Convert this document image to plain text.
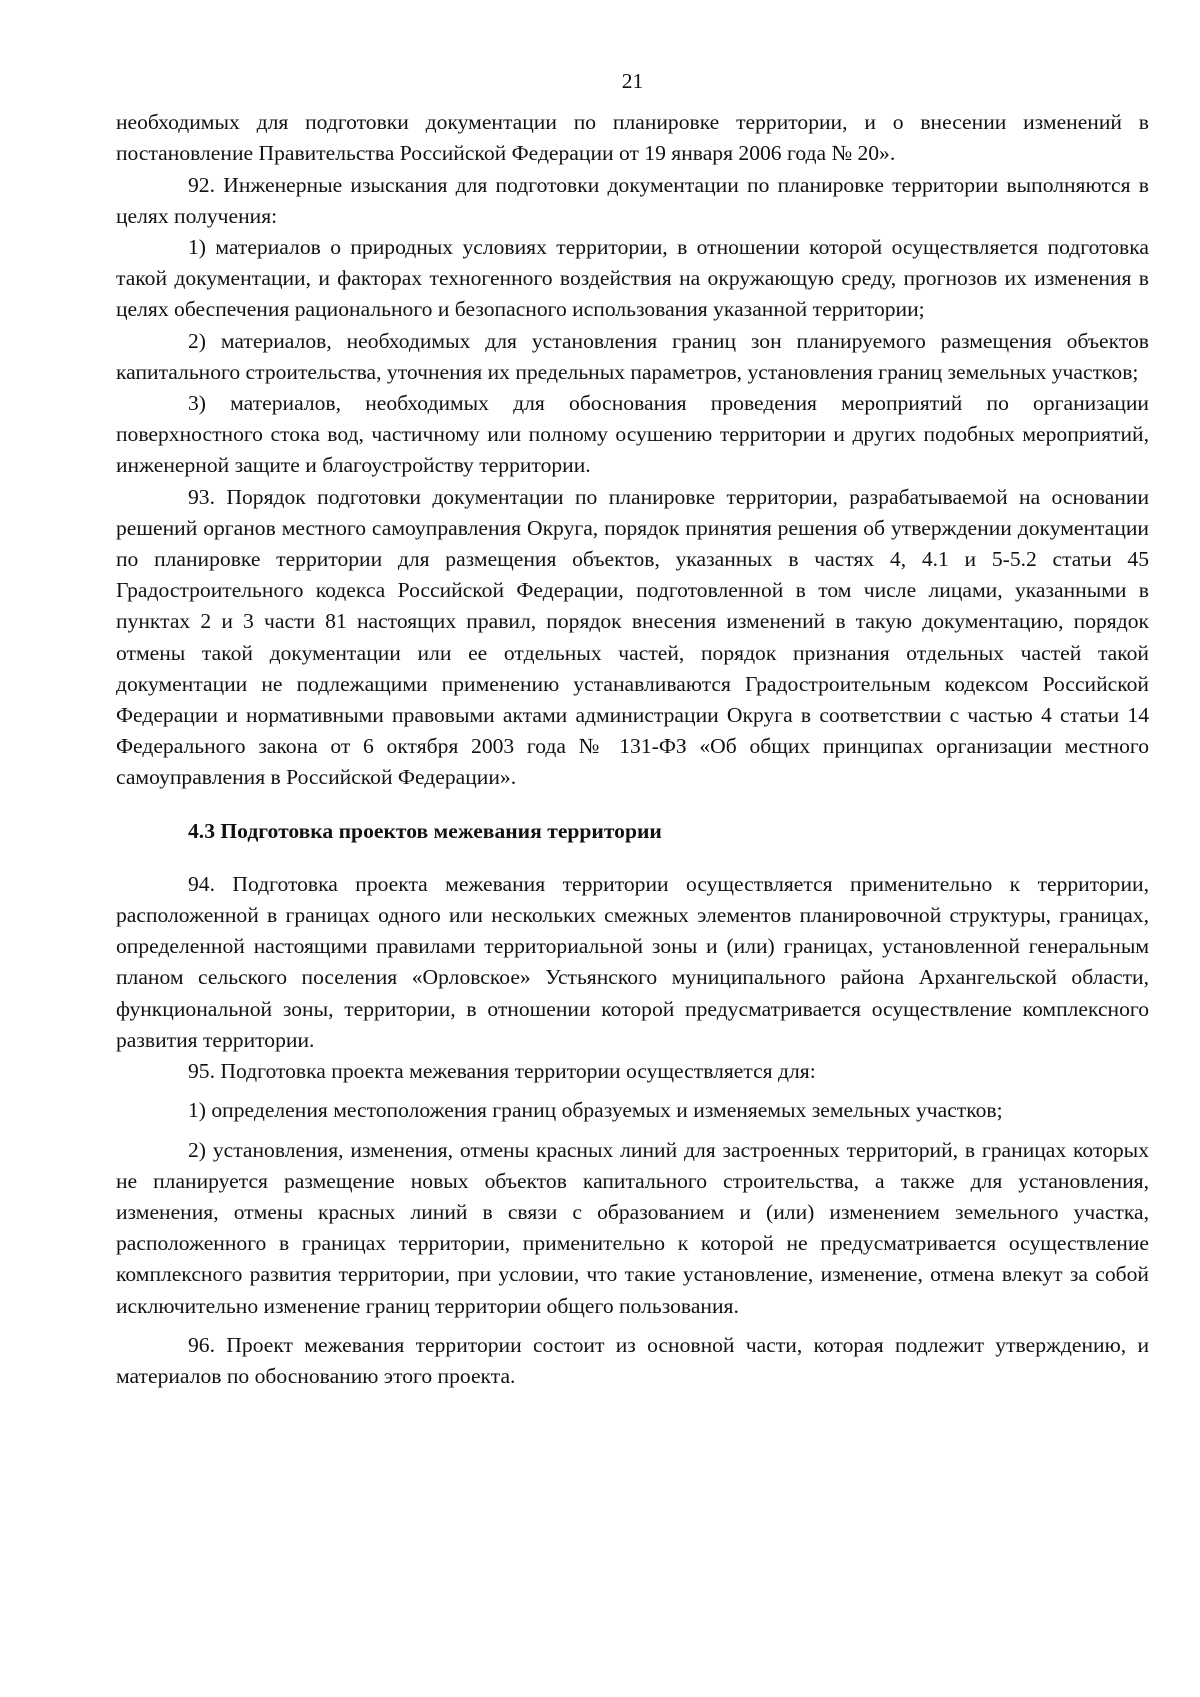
21

необходимых для подготовки документации по планировке территории, и о внесении изменений в постановление Правительства Российской Федерации от 19 января 2006 года № 20».

92. Инженерные изыскания для подготовки документации по планировке территории выполняются в целях получения:

1) материалов о природных условиях территории, в отношении которой осуществляется подготовка такой документации, и факторах техногенного воздействия на окружающую среду, прогнозов их изменения в целях обеспечения рационального и безопасного использования указанной территории;

2) материалов, необходимых для установления границ зон планируемого размещения объектов капитального строительства, уточнения их предельных параметров, установления границ земельных участков;

3) материалов, необходимых для обоснования проведения мероприятий по организации поверхностного стока вод, частичному или полному осушению территории и других подобных мероприятий, инженерной защите и благоустройству территории.

93. Порядок подготовки документации по планировке территории, разрабатываемой на основании решений органов местного самоуправления Округа, порядок принятия решения об утверждении документации по планировке территории для размещения объектов, указанных в частях 4, 4.1 и 5-5.2 статьи 45 Градостроительного кодекса Российской Федерации, подготовленной в том числе лицами, указанными в пунктах 2 и 3 части 81 настоящих правил, порядок внесения изменений в такую документацию, порядок отмены такой документации или ее отдельных частей, порядок признания отдельных частей такой документации не подлежащими применению устанавливаются Градостроительным кодексом Российской Федерации и нормативными правовыми актами администрации Округа в соответствии с частью 4 статьи 14 Федерального закона от 6 октября 2003 года № 131-ФЗ «Об общих принципах организации местного самоуправления в Российской Федерации».

4.3 Подготовка проектов межевания территории

94. Подготовка проекта межевания территории осуществляется применительно к территории, расположенной в границах одного или нескольких смежных элементов планировочной структуры, границах, определенной настоящими правилами территориальной зоны и (или) границах, установленной генеральным планом сельского поселения «Орловское» Устьянского муниципального района Архангельской области, функциональной зоны, территории, в отношении которой предусматривается осуществление комплексного развития территории.

95. Подготовка проекта межевания территории осуществляется для:

1) определения местоположения границ образуемых и изменяемых земельных участков;

2) установления, изменения, отмены красных линий для застроенных территорий, в границах которых не планируется размещение новых объектов капитального строительства, а также для установления, изменения, отмены красных линий в связи с образованием и (или) изменением земельного участка, расположенного в границах территории, применительно к которой не предусматривается осуществление комплексного развития территории, при условии, что такие установление, изменение, отмена влекут за собой исключительно изменение границ территории общего пользования.

96. Проект межевания территории состоит из основной части, которая подлежит утверждению, и материалов по обоснованию этого проекта.
